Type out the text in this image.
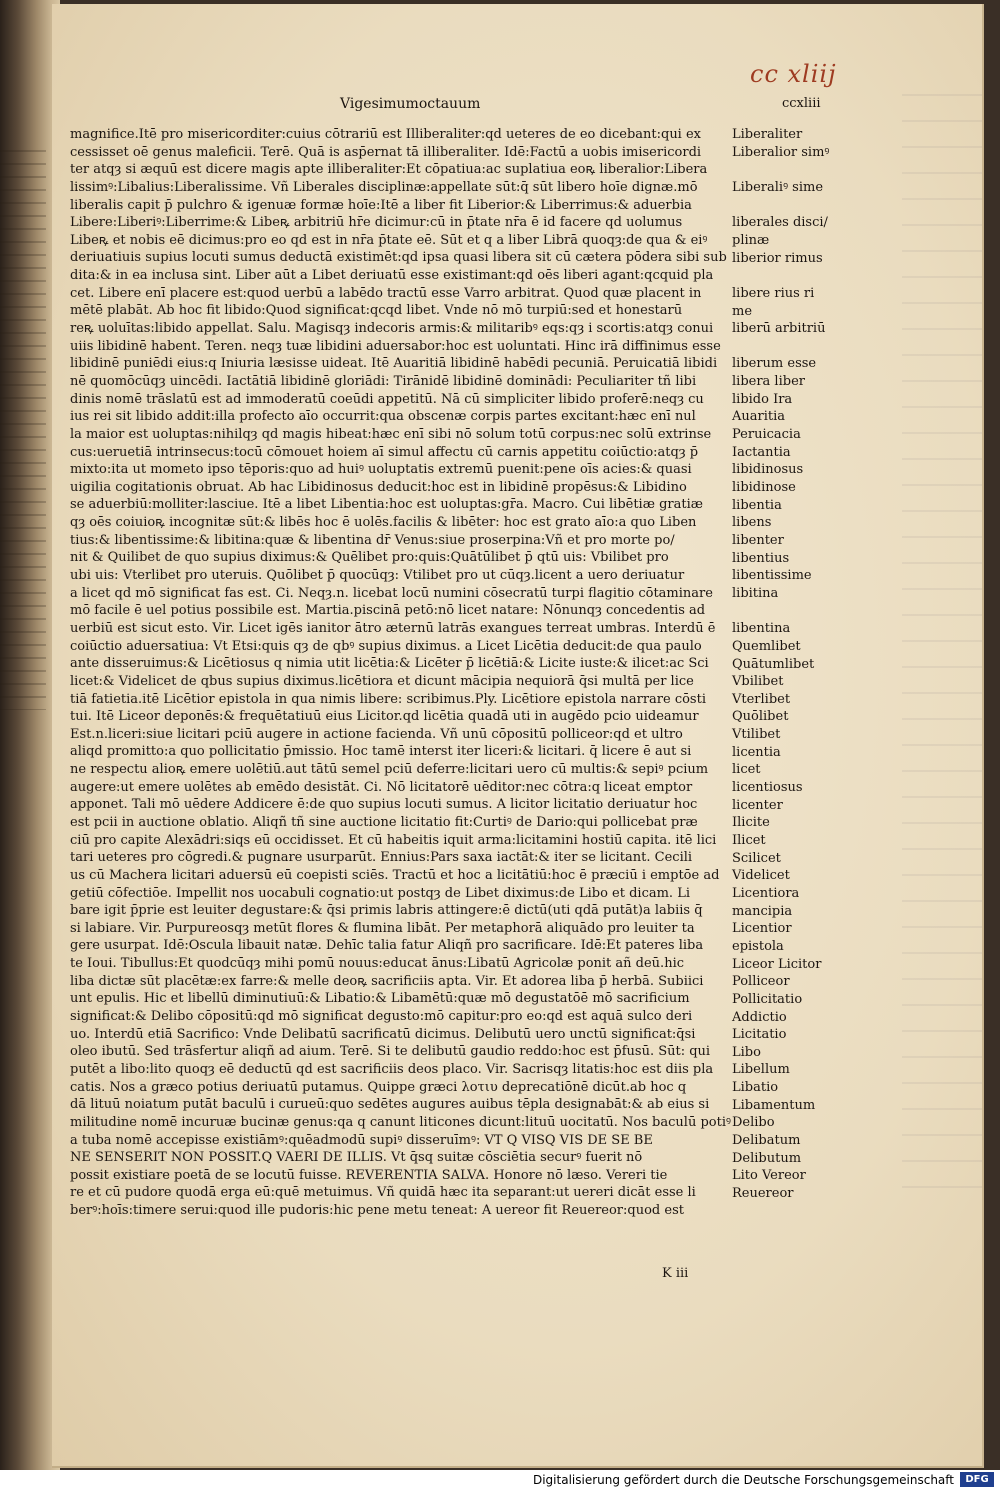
cc xliij
Vigesimumoctauum	ccxliii
magnifice.Itē pro misericorditer:cuius cōtrariū est Illiberaliter:qd ueteres de eo dicebant:qui ex
cessisset oē genus maleficii. Terē. Quā is asp̄ernat tā illiberaliter. Idē:Factū a uobis imisericordi
ter atqȝ si æquū est dicere magis apte illiberaliter:Et cōpatiua:ac suplatiua eoꝶ liberalior:Libera
lissimꝰ:Libalius:Liberalissime. Vñ Liberales disciplinæ:appellate sūt:q̄ sūt libero hoīe dignæ.mō
liberalis capit̄ p̄ pulchro & igenuæ formæ hoīe:Itē a liber fit Liberior:& Liberrimus:& aduerbia
Libere:Liberiꝰ:Liberrime:& Libeꝶ arbitriū hr̄e dicimur:cū in p̄tate nr̄a ē id facere qd uolumus
Libeꝶ et nobis eē dicimus:pro eo qd̄ est in nr̄a p̄tate eē. Sūt et̄ q a liber Librā quoqȝ:de qua & eiꝰ
deriuatiuis supius locuti sumus deductā existimēt:qd̄ ipsa quasi libera sit cū cætera pōdera sibi sub
dita:& in ea inclusa sint. Liber aūt a Libet deriuatū esse existimant:qd̄ oēs liberi agant:qcquid pla
cet. Libere enī placere est:quod uerbū a labēdo tractū esse Varro arbitrat̄. Quod quæ placent in
mētē plabāt̄. Ab hoc fit libido:Quod significat:qcqd libet. Vnde nō mō turpiū:sed et̄ honestarū
reꝶ uoluītas:libido appellat̄. Salu. Magisqȝ indecoris armis:& militaribꝰ eqs:qȝ i scortis:atqȝ conui
uiis libidinē habent. Teren. neqȝ tuæ libidini aduersabor:hoc est uoluntati. Hinc irā diffinimus esse
libidinē puniēdi eius:q Iniuria læsisse uideat̄. Itē Auaritiā libidinē habēdi pecuniā. Peruicatiā libidi
nē quomōcūqȝ uincēdi. Iactātiā libidinē gloriādi: Tirānidē libidinē dominādi: Peculiariter tñ libi
dinis nomē trāslatū est ad immoderatū coeūdi appetitū. Nā cū simpliciter libido proferē:neqȝ cu
ius rei sit libido addit̄:illa profecto aīo occurrit:qua obscenæ corpis partes excitant̄:hæc enī nul
la maior est uoluptas:nihilqȝ qd magis hibeat:hæc enī sibi nō solum totū corpus:nec solū extrinse
cus:ueruetiā intrinsecus:tocū cōmouet hoiem aī simul affectu cū carnis appetitu coiūctio:atqȝ p̄
mixto:ita ut mometo ipso tēporis:quo ad huiꝰ uoluptatis extremū puenit:pene oīs acies:& quasi
uigilia cogitationis obruat̄. Ab hac Libidinosus deducit̄:hoc est in libidinē propēsus:& Libidino
se aduerbiū:molliter:lasciue. Itē a libet Libentia:hoc est uoluptas:gr̄a. Macro. Cui libētiæ gratiæ
qȝ oēs coiuioꝶ incognitæ sūt:& libēs hoc ē uolēs.facilis & libēter: hoc est grato aīo:a quo Liben
tius:& libentissime:& libitina:quæ & libentina dr̄ Venus:siue proserpina:Vñ et̄ pro morte po/
nit̄ & Quilibet de quo supius diximus:& Quēlibet pro:quis:Quātūlibet p̄ qtū uis: Vbilibet pro
ubi uis: Vterlibet pro uteruis. Quōlibet p̄ quocūqȝ: Vtilibet pro ut cūqȝ.licent a uero deriuatur
a licet qd̄ mō significat fas est. Ci. Neqȝ.n. licebat locū numini cōsecratū turpi flagitio cōtaminare
mō facile ē uel potius possibile est. Martia.piscinā petō:nō licet natare: Nōnunqȝ concedentis ad
uerbiū est sicut esto. Vir. Licet igēs ianitor ātro æternū latrās exangues terreat umbras. Interdū ē
coiūctio aduersatiua: Vt Etsi:quis qȝ de qbꝰ supius diximus. a Licet Licētia deducit̄:de qua paulo
ante disseruimus:& Licētiosus q nimia utit̄ licētia:& Licēter p̄ licētiā:& Licite iuste:& ilicet:ac Sci
licet:& Videlicet de qbus supius diximus.licētiora et̄ dicunt̄ mācipia nequiorā q̄si multā per lice
tiā fatietia.itē Licētior epistola in qua nimis libere: scribimus.Ply. Licētiore epistola narrare cōsti
tui. Itē Liceor deponēs:& frequētatiuū eius Licitor.qd̄ licētia quadā uti in augēdo pcio uideamur
Est.n.liceri:siue licitari pciū augere in actione facienda. Vñ unū cōpositū polliceor:qd̄ et̄ ultro
aliqd promitto:a quo pollicitatio p̄missio. Hoc tamē interst̄ iter liceri:& licitari. q̄ licere ē aut si
ne respectu alioꝶ emere uolētiū.aut tātū semel pciū deferre:licitari uero cū multis:& sepiꝰ pcium
augere:ut emere uolētes ab emēdo desistāt. Ci. Nō licitatorē uēditor:nec cōtra:q liceat emptor
apponet. Tali mō uēdere Addicere ē:de quo supius locuti sumus. A licitor licitatio deriuatur hoc
est pcii in auctione oblatio. Aliqñ tñ sine auctione licitatio fit:Curtiꝰ de Dario:qui pollicebat̄ præ
ciū pro capite Alexādri:siqs eū occidisset. Et cū habeitis iquit arma:licitamini hostiū capita. itē lici
tari ueteres pro cōgredi.& pugnare usurparūt. Ennius:Pars saxa iactāt:& iter se licitant̄. Cecili
us cū Machera licitari aduersū eū coepisti sciēs. Tractū et̄ hoc a licitātiū:hoc ē præciū i emptōe ad
getiū cōfectiōe. Impellit nos uocabuli cognatio:ut postqȝ de Libet diximus:de Libo et̄ dicam. Li
bare igit̄ p̄prie est leuiter degustare:& q̄si primis labris attingere:ē dictū(uti qdā putāt)a labiis q̄
si labiare. Vir. Purpureosqȝ metūt flores & flumina libāt. Per metaphorā aliquādo pro leuiter ta
gere usurpat̄. Idē:Oscula libauit natæ. Dehīc talia fatur Aliqñ pro sacrificare. Idē:Et pateres liba
te Ioui. Tibullus:Et quodcūqȝ mihi pomū nouus:educat ānus:Libatū Agricolæ ponit̄ añ deū.hic
liba dictæ sūt placētæ:ex farre:& melle deoꝶ sacrificiis apta. Vir. Et adorea liba p̄ herbā. Subiici
unt epulis. Hic et̄ libellū diminutiuū:& Libatio:& Libamētū:quæ mō degustatōē mō sacrificium
significat:& Delibo cōpositū:qd̄ mō significat degusto:mō capitur:pro eo:qd̄ est aquā sulco deri
uo. Interdū etiā Sacrifico: Vnde Delibatū sacrificatū dicimus. Delibutū uero unctū significat:q̄si
oleo ibutū. Sed trāsfertur aliqñ ad aium. Terē. Si te delibutū gaudio reddo:hoc est p̄fusū. Sūt: qui
putēt a libo:lito quoqȝ eē deductū qd̄ est sacrificiis deos placo. Vir. Sacrisqȝ litatis:hoc est diis pla
catis. Nos a græco potius deriuatū putamus. Quippe græci λοτιυ deprecatiōnē dicūt.ab hoc q
dā lituū noiatum putāt baculū i curueū:quo sedētes augures auibus tēpla designabāt:& ab eius si
militudine nomē incuruæ bucinæ genus:qa q canunt liticones dicunt̄:lituū uocitatū. Nos baculū potiꝰ
a tuba nomē accepisse existiāmꝰ:quēadmodū supiꝰ disseruīmꝰ: VT Q VISQ VIS DE SE BE
NE SENSERIT NON POSSIT.Q VAERI DE ILLIS. Vt q̄sq suitæ cōsciētia securꝰ fuerit nō
possit existiare poetā de se locutū fuisse. REVERENTIA SALVA. Honore nō læso. Vereri tie
re et̄ cū pudore quodā erga eū:quē metuimus. Vñ quidā hæc ita separant:ut uereri dicāt esse li
berꝰ:hoīs:timere serui:quod ille pudoris:hic pene metu teneat̄: A uereor fit Reuereor:quod est
Liberaliter
Liberalior simꝰ
Liberaliꝰ sime
liberales disci/
plinæ
liberior rimus
libere rius ri
me
liberū arbitriū
liberum esse
libera liber
libido Ira
Auaritia
Peruicacia
Iactantia
libidinosus
libidinose
libentia
libens
libenter
libentius
libentissime
libitina
libentina
Quemlibet
Quātumlibet
Vbilibet
Vterlibet
Quōlibet
Vtilibet
licentia
licet
licentiosus
licenter
Ilicite
Ilicet
Scilicet
Videlicet
Licentiora
mancipia
Licentior
epistola
Liceor Licitor
Polliceor
Pollicitatio
Addictio
Licitatio
Libo
Libellum
Libatio
Libamentum
Delibo
Delibatum
Delibutum
Lito Vereor
Reuereor
K iii
Digitalisierung gefördert durch die Deutsche Forschungsgemeinschaft	DFG
